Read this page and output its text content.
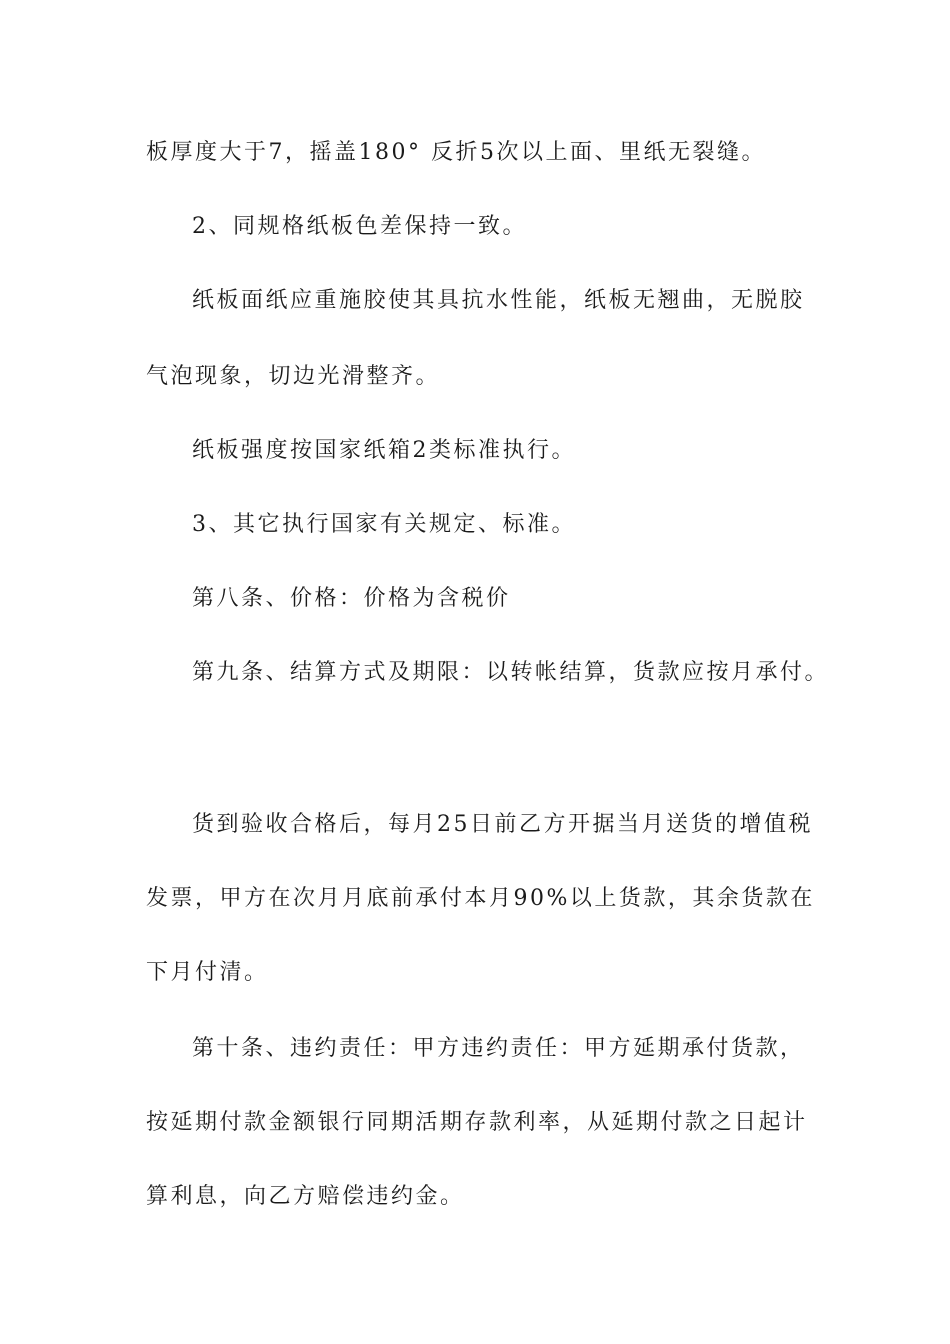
板厚度大于7，摇盖180° 反折5次以上面、里纸无裂缝。
2、同规格纸板色差保持一致。
纸板面纸应重施胶使其具抗水性能，纸板无翘曲，无脱胶
气泡现象，切边光滑整齐。
纸板强度按国家纸箱2类标准执行。
3、其它执行国家有关规定、标准。
第八条、价格：价格为含税价
第九条、结算方式及期限：以转帐结算，货款应按月承付。
货到验收合格后，每月25日前乙方开据当月送货的增值税
发票，甲方在次月月底前承付本月90%以上货款，其余货款在
下月付清。
第十条、违约责任：甲方违约责任：甲方延期承付货款，
按延期付款金额银行同期活期存款利率，从延期付款之日起计
算利息，向乙方赔偿违约金。
